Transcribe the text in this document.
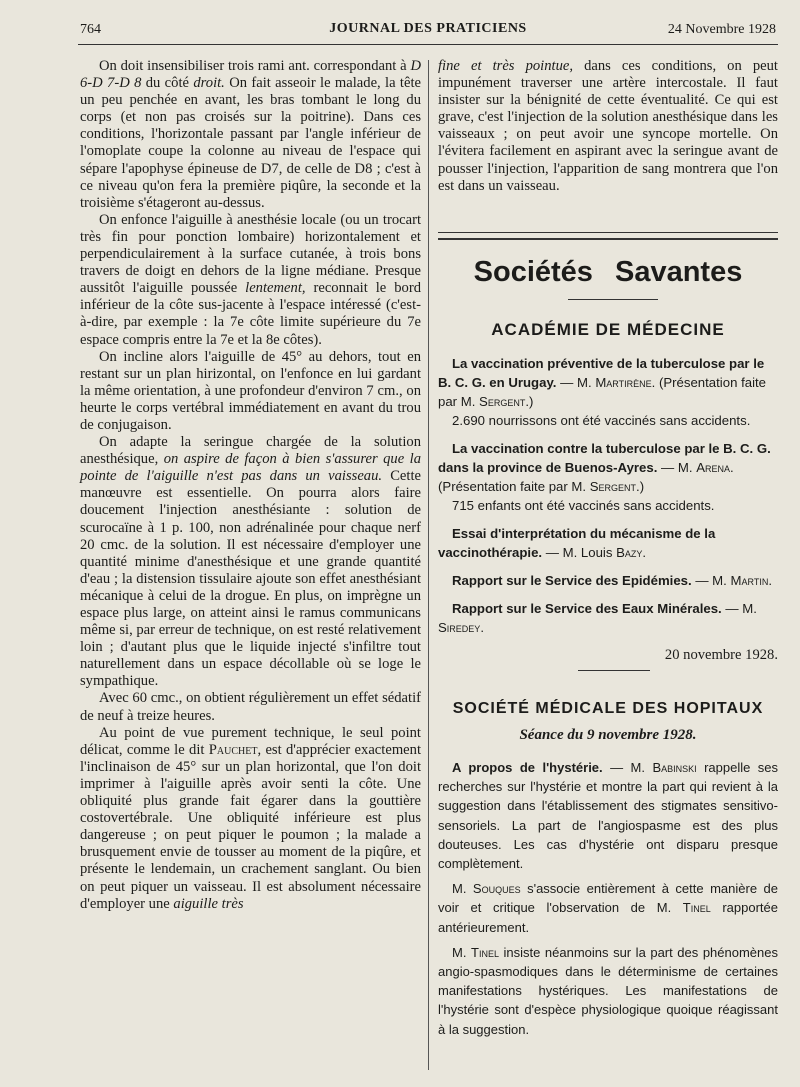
764	JOURNAL DES PRATICIENS	24 Novembre 1928

On doit insensibiliser trois rami ant. correspondant à D 6-D 7-D 8 du côté droit. On fait asseoir le malade, la tête un peu penchée en avant, les bras tombant le long du corps (et non pas croisés sur la poitrine). Dans ces conditions, l'horizontale passant par l'angle inférieur de l'omoplate coupe la colonne au niveau de l'espace qui sépare l'apophyse épineuse de D7, de celle de D8 ; c'est à ce niveau qu'on fera la première piqûre, la seconde et la troisième s'étageront au-dessus.

On enfonce l'aiguille à anesthésie locale (ou un trocart très fin pour ponction lombaire) horizontalement et perpendiculairement à la surface cutanée, à trois bons travers de doigt en dehors de la ligne médiane. Presque aussitôt l'aiguille poussée lentement, reconnait le bord inférieur de la côte sus-jacente à l'espace intéressé (c'est-à-dire, par exemple : la 7e côte limite supérieure du 7e espace compris entre la 7e et la 8e côtes).

On incline alors l'aiguille de 45° au dehors, tout en restant sur un plan hirizontal, on l'enfonce en lui gardant la même orientation, à une profondeur d'environ 7 cm., on heurte le corps vertébral immédiatement en avant du trou de conjugaison.

On adapte la seringue chargée de la solution anesthésique, on aspire de façon à bien s'assurer que la pointe de l'aiguille n'est pas dans un vaisseau. Cette manœuvre est essentielle. On pourra alors faire doucement l'injection anesthésiante : solution de scurocaïne à 1 p. 100, non adrénalinée pour chaque nerf 20 cmc. de la solution. Il est nécessaire d'employer une quantité minime d'anesthésique et une grande quantité d'eau ; la distension tissulaire ajoute son effet anesthésiant mécanique à celui de la drogue. En plus, on imprègne un espace plus large, on atteint ainsi le ramus communicans même si, par erreur de technique, on est resté relativement loin ; d'autant plus que le liquide injecté s'infiltre tout naturellement dans un espace décollable où se loge le sympathique.

Avec 60 cmc., on obtient régulièrement un effet sédatif de neuf à treize heures.

Au point de vue purement technique, le seul point délicat, comme le dit Pauchet, est d'apprécier exactement l'inclinaison de 45° sur un plan horizontal, que l'on doit imprimer à l'aiguille après avoir senti la côte. Une obliquité plus grande fait égarer dans la gouttière costovertébrale. Une obliquité inférieure est plus dangereuse ; on peut piquer le poumon ; la malade a brusquement envie de tousser au moment de la piqûre, et présente le lendemain, un crachement sanglant. Ou bien on peut piquer un vaisseau. Il est absolument nécessaire d'employer une aiguille très

fine et très pointue, dans ces conditions, on peut impunément traverser une artère intercostale. Il faut insister sur la bénignité de cette éventualité. Ce qui est grave, c'est l'injection de la solution anesthésique dans les vaisseaux ; on peut avoir une syncope mortelle. On l'évitera facilement en aspirant avec la seringue avant de pousser l'injection, l'apparition de sang montrera que l'on est dans un vaisseau.

Sociétés Savantes
ACADÉMIE DE MÉDECINE
La vaccination préventive de la tuberculose par le B. C. G. en Urugay. — M. Martirène. (Présentation faite par M. Sergent.)
2.690 nourrissons ont été vaccinés sans accidents.
La vaccination contre la tuberculose par le B. C. G. dans la province de Buenos-Ayres. — M. Arena. (Présentation faite par M. Sergent.)
715 enfants ont été vaccinés sans accidents.
Essai d'interprétation du mécanisme de la vaccinothérapie. — M. Louis Bazy.
Rapport sur le Service des Epidémies. — M. Martin.
Rapport sur le Service des Eaux Minérales. — M. Siredey.
20 novembre 1928.
SOCIÉTÉ MÉDICALE DES HOPITAUX
Séance du 9 novembre 1928.

A propos de l'hystérie. — M. Babinski rappelle ses recherches sur l'hystérie et montre la part qui revient à la suggestion dans l'établissement des stigmates sensitivo-sensoriels. La part de l'angiospasme est des plus douteuses. Les cas d'hystérie ont disparu presque complètement.

M. Souques s'associe entièrement à cette manière de voir et critique l'observation de M. Tinel rapportée antérieurement.

M. Tinel insiste néanmoins sur la part des phénomènes angio-spasmodiques dans le déterminisme de certaines manifestations hystériques. Les manifestations de l'hystérie sont d'espèce physiologique quoique réagissant à la suggestion.
